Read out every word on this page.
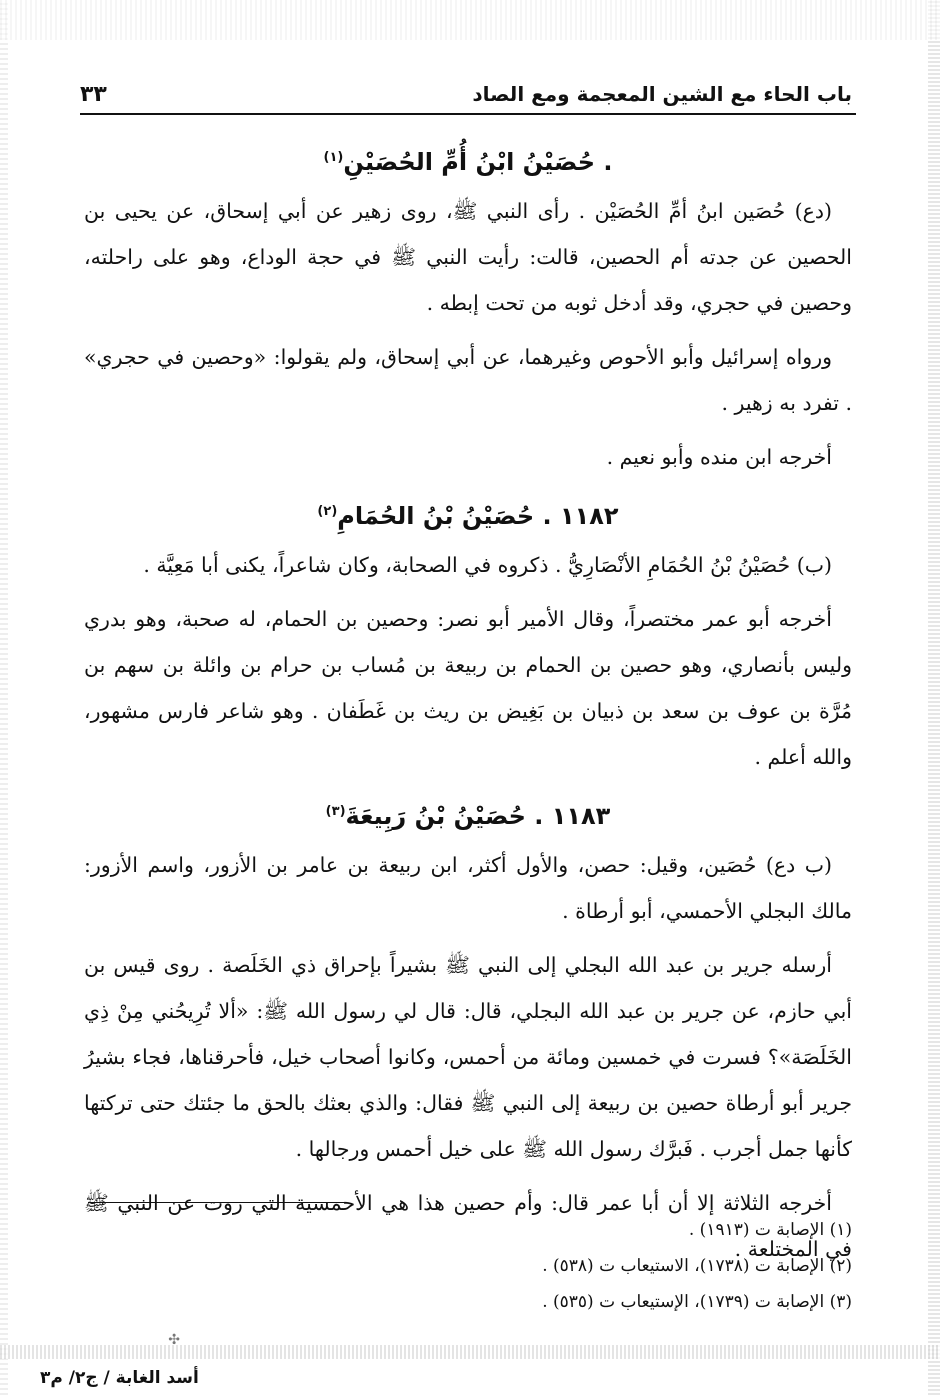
باب الحاء مع الشين المعجمة ومع الصاد
٣٣
. حُصَيْنُ ابْنُ أُمِّ الحُصَيْنِ$^{(١)}$

(دع) حُصَين ابنُ أمِّ الحُصَيْن . رأى النبي ﷺ، روى زهير عن أبي إسحاق، عن يحيى بن الحصين عن جدته أم الحصين، قالت: رأيت النبي ﷺ في حجة الوداع، وهو على راحلته، وحصين في حجري، وقد أدخل ثوبه من تحت إبطه .

ورواه إسرائيل وأبو الأحوص وغيرهما، عن أبي إسحاق، ولم يقولوا: «وحصين في حجري» . تفرد به زهير .

أخرجه ابن منده وأبو نعيم .

١١٨٢ . حُصَيْنُ بْنُ الحُمَامِ$^{(٢)}$

(ب) حُصَيْنُ بْنُ الحُمَامِ الأنْصَارِيُّ . ذكروه في الصحابة، وكان شاعراً، يكنى أبا مَعِيَّة .

أخرجه أبو عمر مختصراً، وقال الأمير أبو نصر: وحصين بن الحمام، له صحبة، وهو بدري وليس بأنصاري، وهو حصين بن الحمام بن ربيعة بن مُساب بن حرام بن وائلة بن سهم بن مُرَّة بن عوف بن سعد بن ذبيان بن بَغِيض بن ريث بن غَطَفان . وهو شاعر فارس مشهور، والله أعلم .

١١٨٣ . حُصَيْنُ بْنُ رَبِيعَةَ$^{(٣)}$

(ب دع) حُصَين، وقيل: حصن، والأول أكثر، ابن ربيعة بن عامر بن الأزور، واسم الأزور: مالك البجلي الأحمسي، أبو أرطاة .

أرسله جرير بن عبد الله البجلي إلى النبي ﷺ بشيراً بإحراق ذي الخَلَصة . روى قيس بن أبي حازم، عن جرير بن عبد الله البجلي، قال: قال لي رسول الله ﷺ: «ألا تُرِيحُني مِنْ ذِي الخَلَصَة»؟ فسرت في خمسين ومائة من أحمس، وكانوا أصحاب خيل، فأحرقناها، فجاء بشيرُ جرير أبو أرطاة حصين بن ربيعة إلى النبي ﷺ فقال: والذي بعثك بالحق ما جئتك حتى تركتها كأنها جمل أجرب . فَبرَّك رسول الله ﷺ على خيل أحمس ورجالها .

أخرجه الثلاثة إلا أن أبا عمر قال: وأم حصين هذا هي الأحمسية التي روت عن النبي ﷺ في المختلعة .

(١) الإصابة ت (١٩١٣) .
(٢) الإصابة ت (١٧٣٨)، الاستيعاب ت (٥٣٨) .
(٣) الإصابة ت (١٧٣٩)، الإستيعاب ت (٥٣٥) .
✣
أسد الغابة / ج٢/ م٣
